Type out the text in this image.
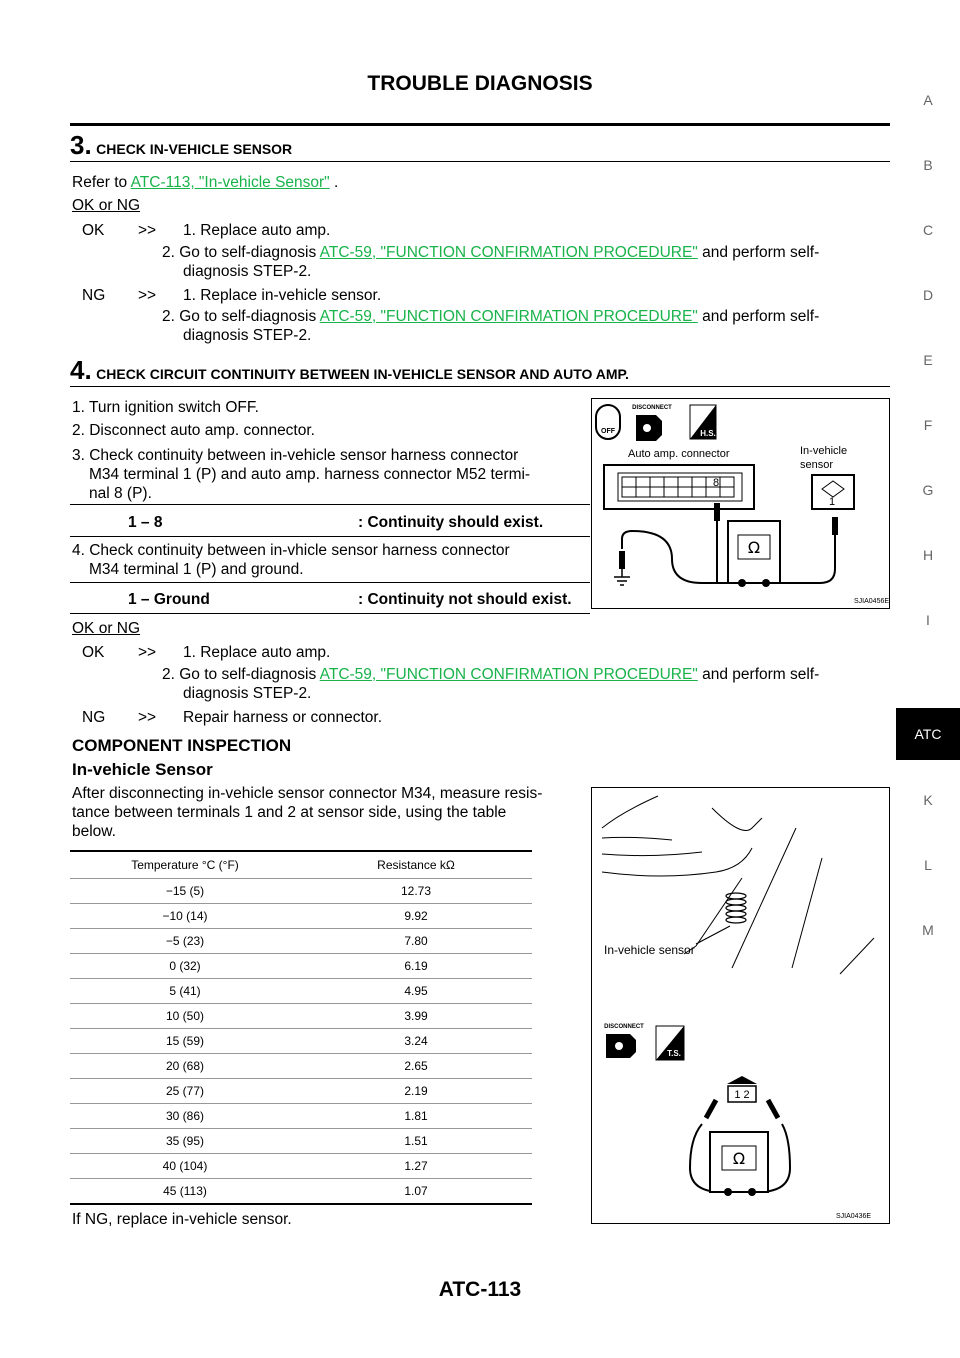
TROUBLE DIAGNOSIS
A
B
C
D
E
F
G
H
I
ATC
K
L
M
3. CHECK IN-VEHICLE SENSOR
Refer to ATC-113, "In-vehicle Sensor" .
OK or NG
OK >> 1. Replace auto amp.
2. Go to self-diagnosis ATC-59, "FUNCTION CONFIRMATION PROCEDURE" and perform self-
diagnosis STEP-2.
NG >> 1. Replace in-vehicle sensor.
2. Go to self-diagnosis ATC-59, "FUNCTION CONFIRMATION PROCEDURE" and perform self-
diagnosis STEP-2.
4. CHECK CIRCUIT CONTINUITY BETWEEN IN-VEHICLE SENSOR AND AUTO AMP.
1. Turn ignition switch OFF.
2. Disconnect auto amp. connector.
3. Check continuity between in-vehicle sensor harness connector
M34 terminal 1 (P) and auto amp. harness connector M52 termi-
nal 8 (P).
1 – 8	: Continuity should exist.
4. Check continuity between in-vhicle sensor harness connector
M34 terminal 1 (P) and ground.
1 – Ground	: Continuity not should exist.
OFF
DISCONNECT
H.S.
Auto amp. connector	In-vehicle
sensor
8
1
Ω
SJIA0456E
OK or NG
OK >> 1. Replace auto amp.
2. Go to self-diagnosis ATC-59, "FUNCTION CONFIRMATION PROCEDURE" and perform self-
diagnosis STEP-2.
NG >> Repair harness or connector.
COMPONENT INSPECTION
In-vehicle Sensor
After disconnecting in-vehicle sensor connector M34, measure resis-
tance between terminals 1 and 2 at sensor side, using the table
below.
Temperature °C (°F)	Resistance kΩ
−15 (5)	12.73
−10 (14)	9.92
−5 (23)	7.80
0 (32)	6.19
5 (41)	4.95
10 (50)	3.99
15 (59)	3.24
20 (68)	2.65
25 (77)	2.19
30 (86)	1.81
35 (95)	1.51
40 (104)	1.27
45 (113)	1.07
If NG, replace in-vehicle sensor.
In-vehicle sensor
DISCONNECT
T.S.
1 2
Ω
SJIA0436E
ATC-113
